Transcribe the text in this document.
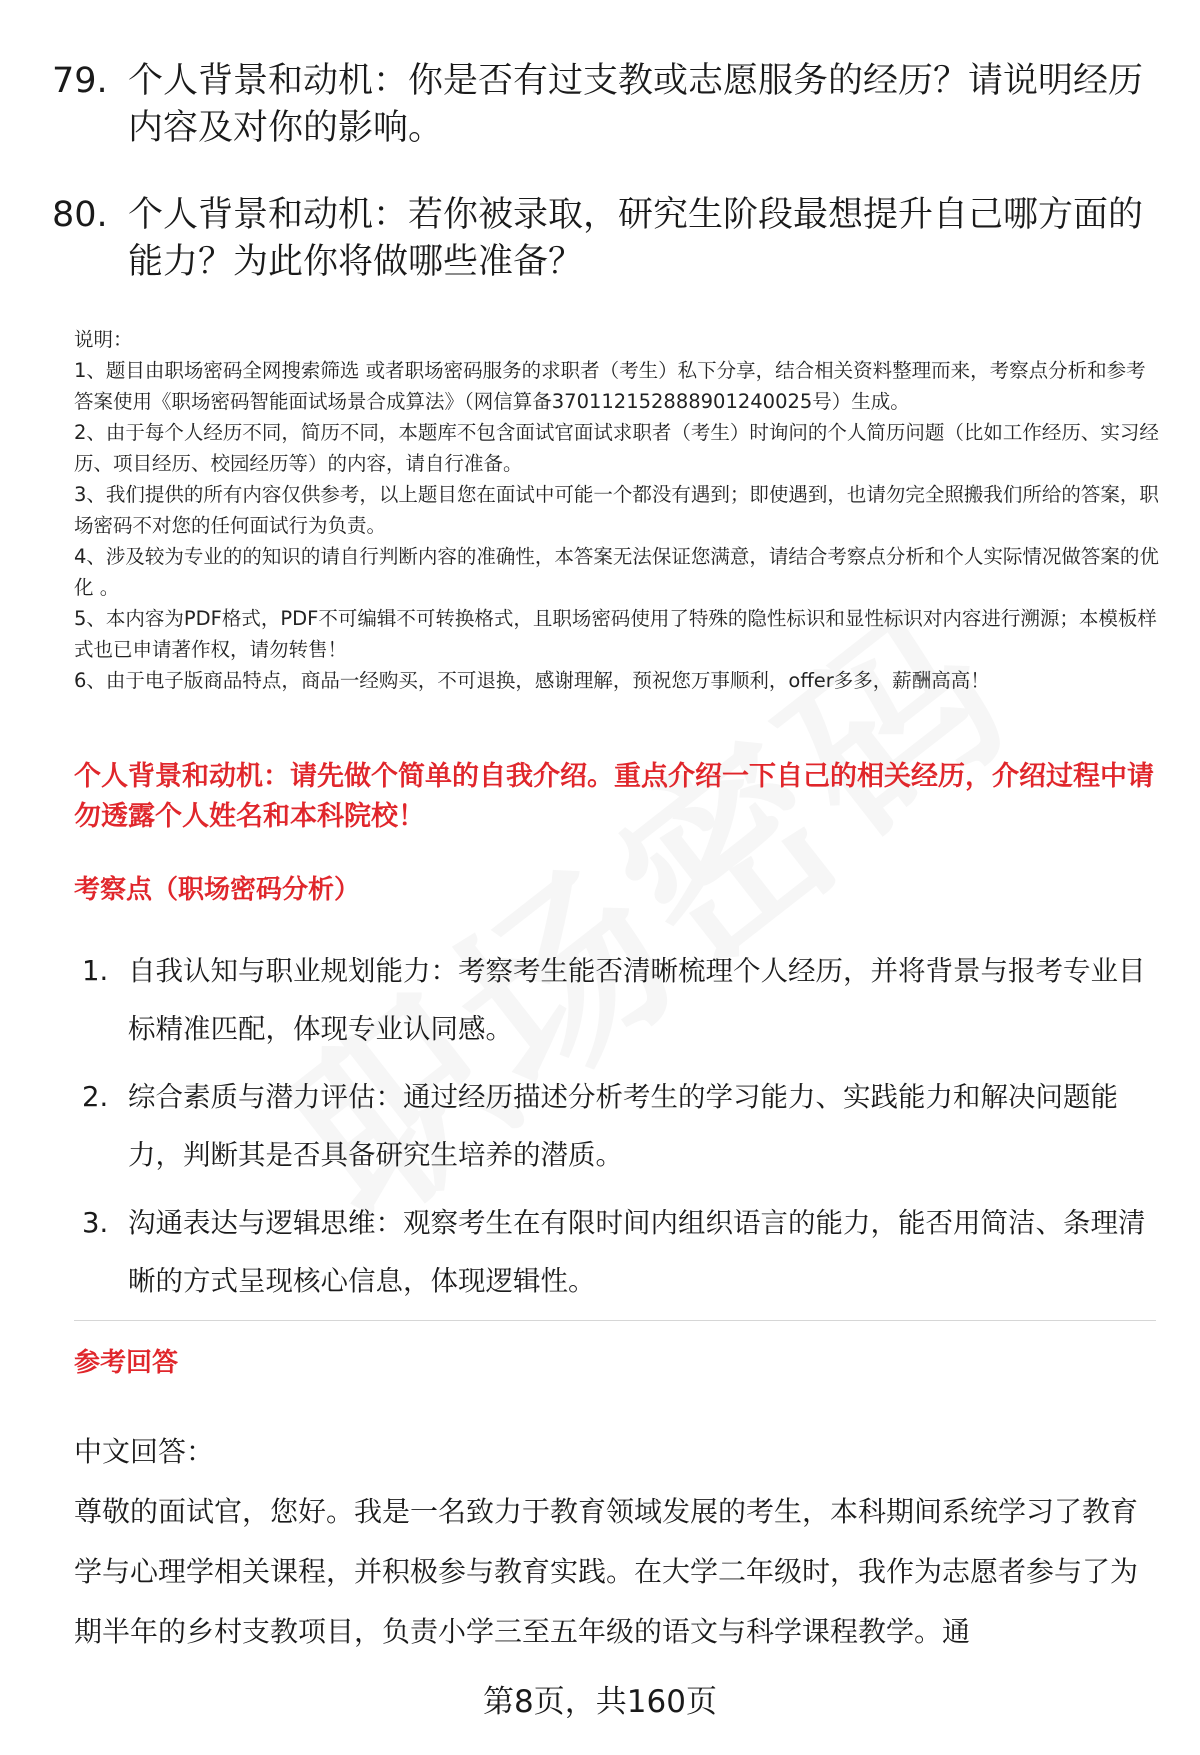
79. 个人背景和动机：你是否有过支教或志愿服务的经历？请说明经历内容及对你的影响。
80. 个人背景和动机：若你被录取，研究生阶段最想提升自己哪方面的能力？为此你将做哪些准备？

说明：

1、题目由职场密码全网搜索筛选 或者职场密码服务的求职者（考生）私下分享，结合相关资料整理而来，考察点分析和参考答案使用《职场密码智能面试场景合成算法》（网信算备370112152888901240025号）生成。

2、由于每个人经历不同，简历不同，本题库不包含面试官面试求职者（考生）时询问的个人简历问题（比如工作经历、实习经历、项目经历、校园经历等）的内容，请自行准备。

3、我们提供的所有内容仅供参考，以上题目您在面试中可能一个都没有遇到；即使遇到，也请勿完全照搬我们所给的答案，职场密码不对您的任何面试行为负责。

4、涉及较为专业的的知识的请自行判断内容的准确性，本答案无法保证您满意，请结合考察点分析和个人实际情况做答案的优化 。

5、本内容为PDF格式，PDF不可编辑不可转换格式，且职场密码使用了特殊的隐性标识和显性标识对内容进行溯源；本模板样式也已申请著作权，请勿转售！

6、由于电子版商品特点，商品一经购买，不可退换，感谢理解，预祝您万事顺利，offer多多，薪酬高高！

个人背景和动机：请先做个简单的自我介绍。重点介绍一下自己的相关经历，介绍过程中请勿透露个人姓名和本科院校！
考察点（职场密码分析）
1. 自我认知与职业规划能力：考察考生能否清晰梳理个人经历，并将背景与报考专业目标精准匹配，体现专业认同感。
2. 综合素质与潜力评估：通过经历描述分析考生的学习能力、实践能力和解决问题能力，判断其是否具备研究生培养的潜质。
3. 沟通表达与逻辑思维：观察考生在有限时间内组织语言的能力，能否用简洁、条理清晰的方式呈现核心信息，体现逻辑性。
参考回答

中文回答：

尊敬的面试官，您好。我是一名致力于教育领域发展的考生，本科期间系统学习了教育学与心理学相关课程，并积极参与教育实践。在大学二年级时，我作为志愿者参与了为期半年的乡村支教项目，负责小学三至五年级的语文与科学课程教学。通

第8页，共160页
